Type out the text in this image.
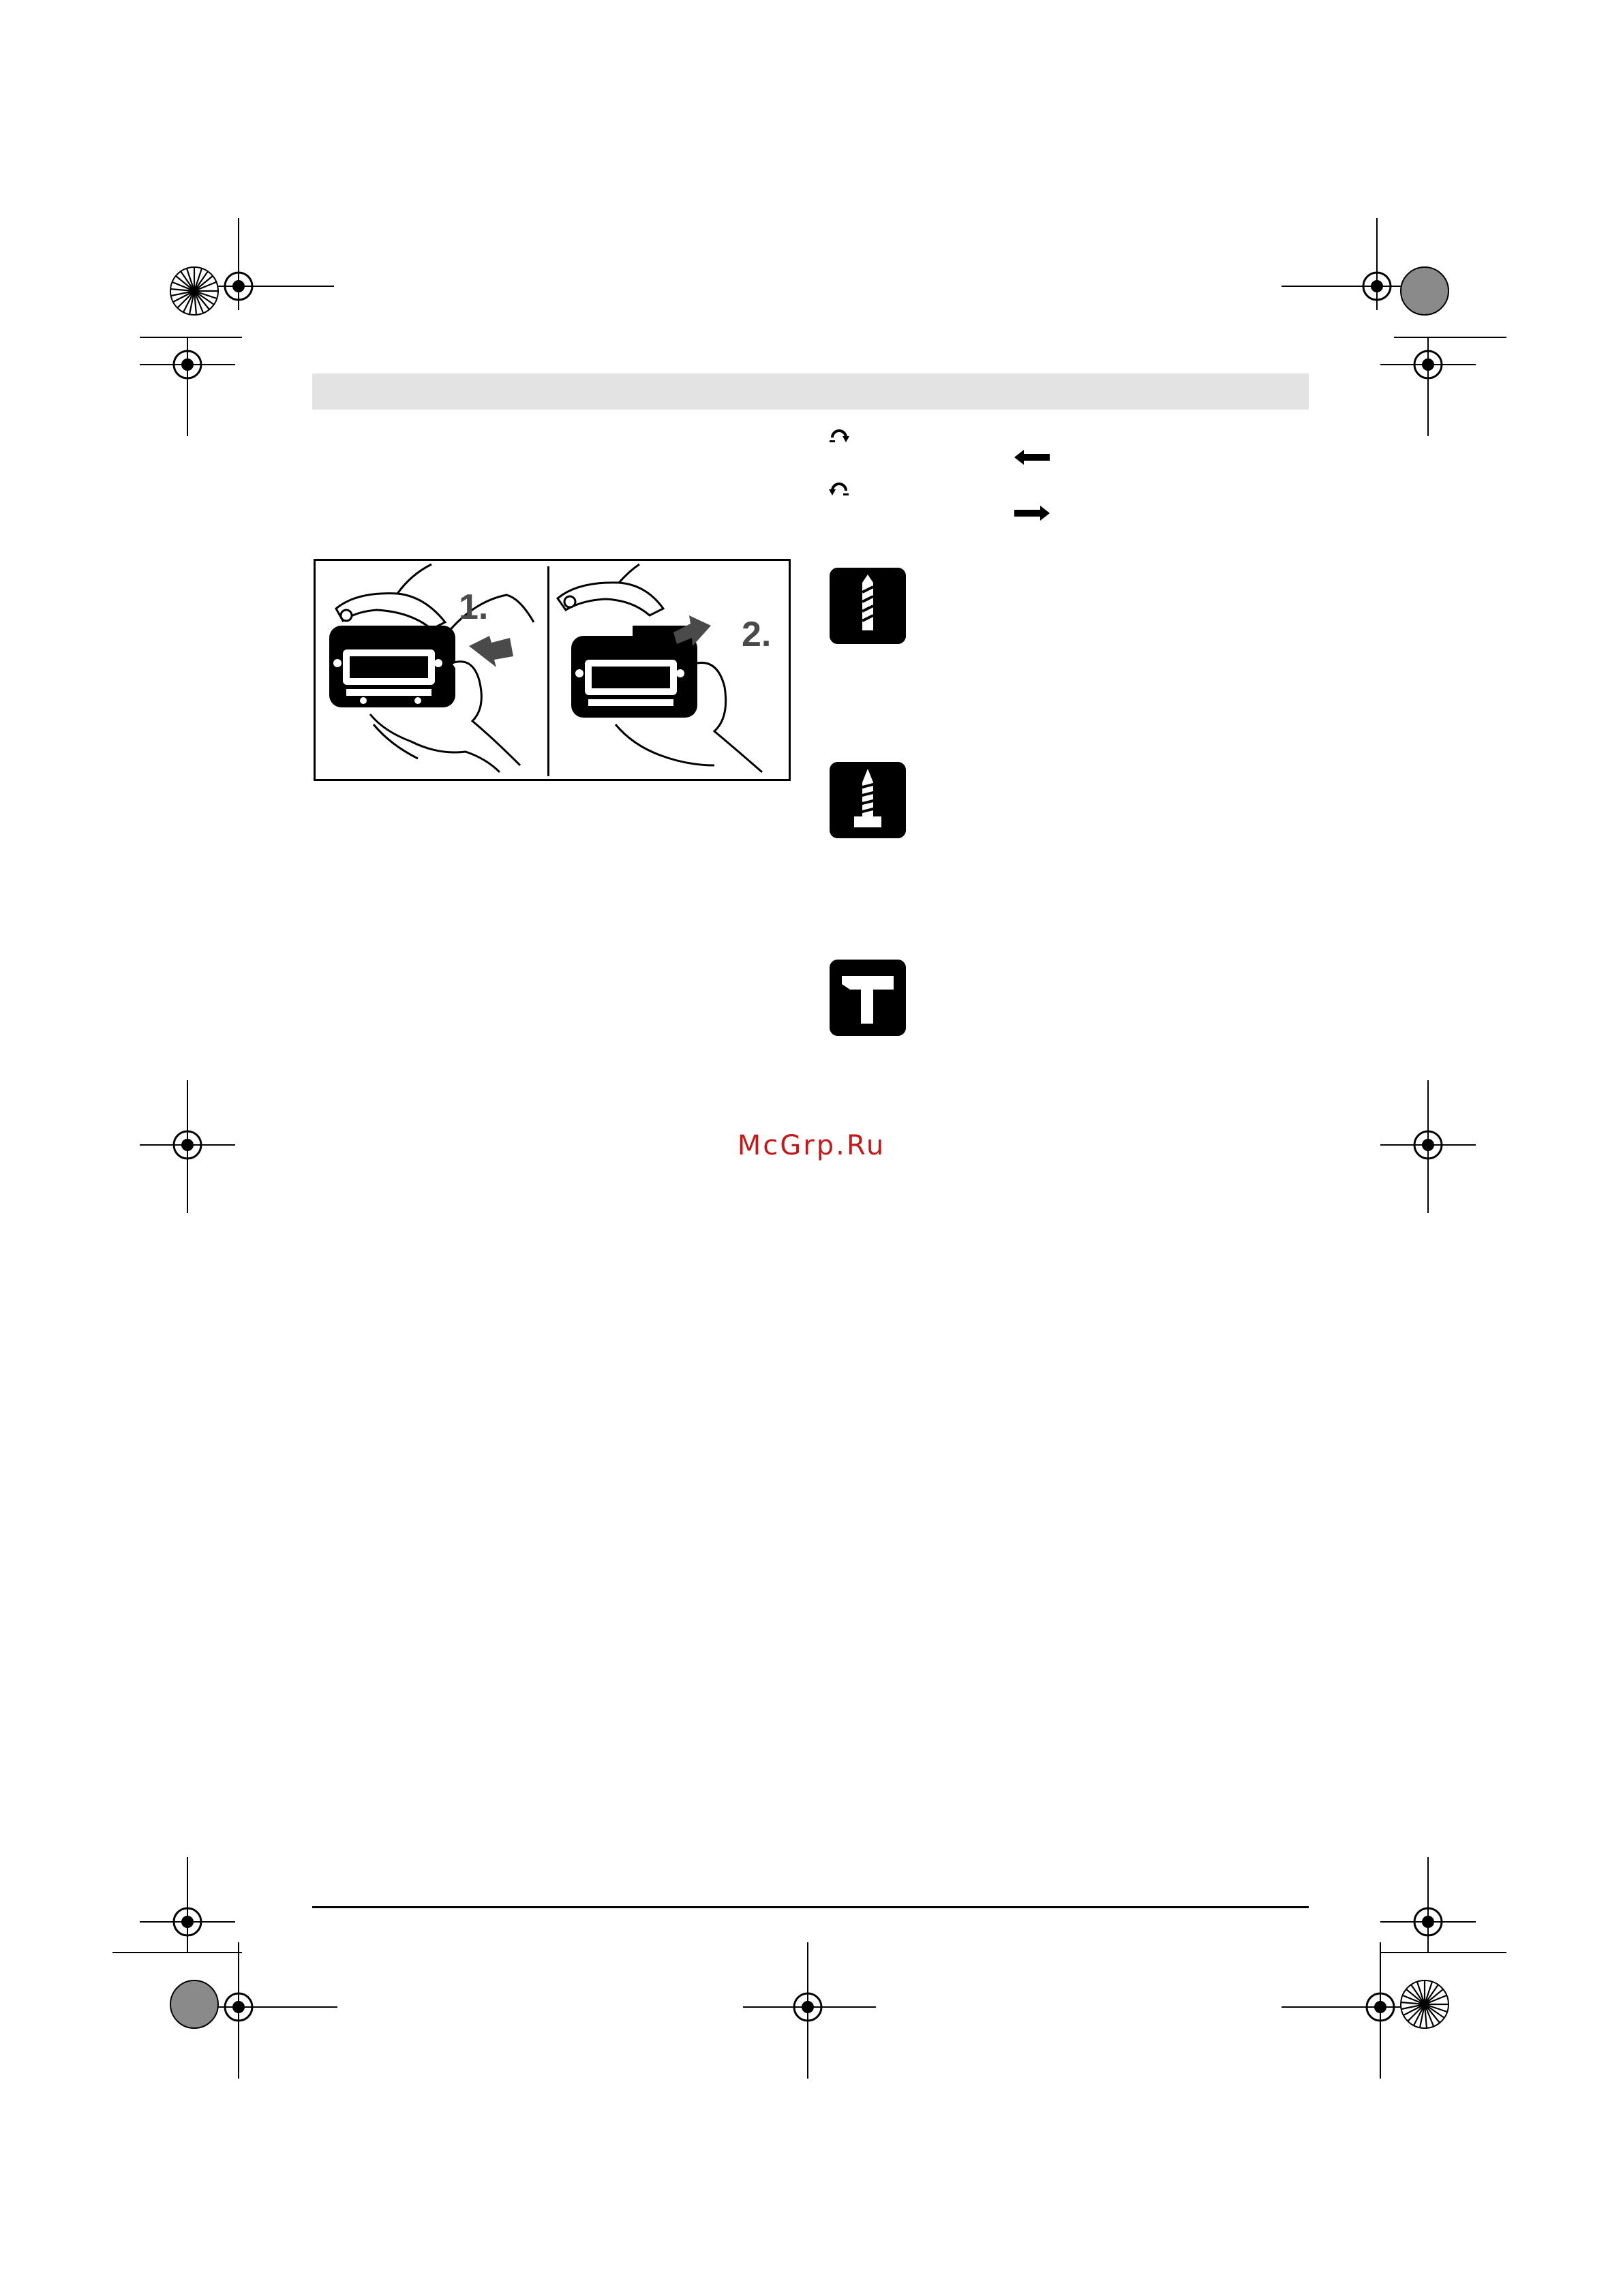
1.
2.
McGrp.Ru
